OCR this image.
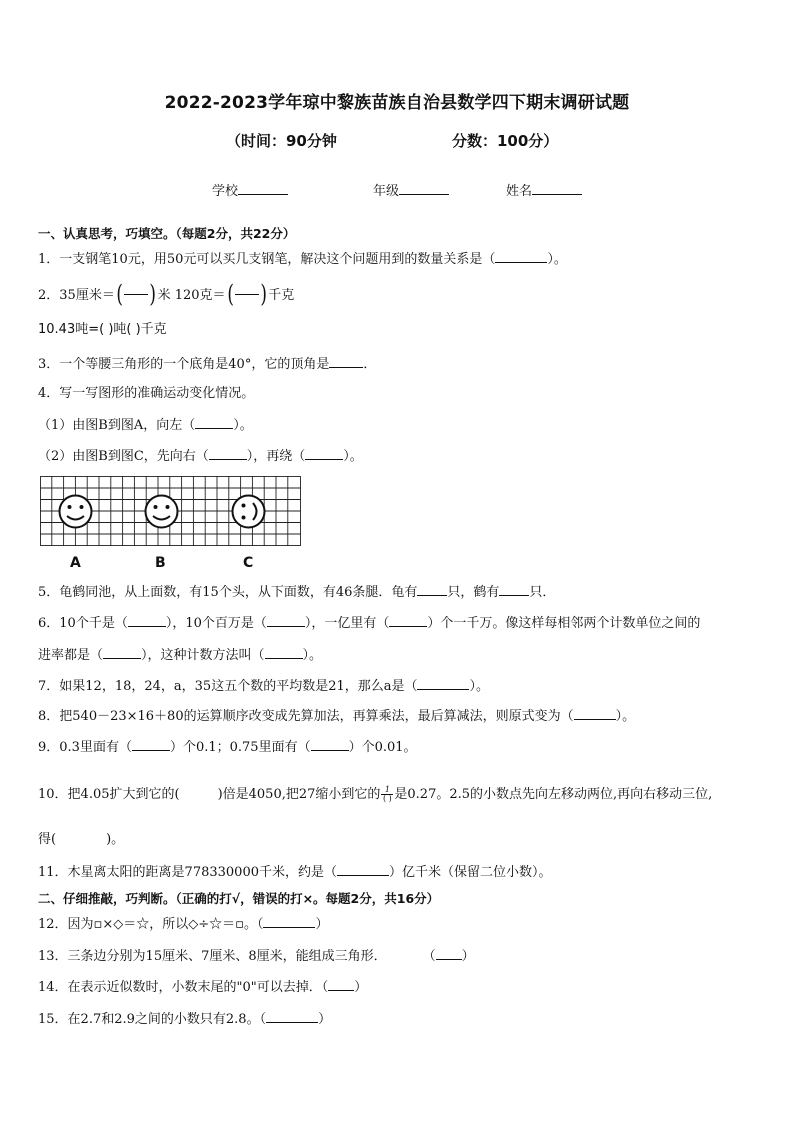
2022-2023学年琼中黎族苗族自治县数学四下期末调研试题
（时间：90分钟	分数：100分）
学校	年级	姓名
一、认真思考，巧填空。（每题2分，共22分）
1．一支钢笔10元，用50元可以买几支钢笔，解决这个问题用到的数量关系是（	）。
2．35厘米＝( )米 120克＝( )千克
10.43吨=( )吨( )千克
3．一个等腰三角形的一个底角是40°，它的顶角是	．
4．写一写图形的准确运动变化情况。
（1）由图B到图A，向左（	）。
（2）由图B到图C，先向右（	），再绕（	）。
A	B	C
5．龟鹤同池，从上面数，有15个头，从下面数，有46条腿．龟有 只，鹤有 只．
6．10个千是（	），10个百万是（	），一亿里有（	）个一千万。像这样每相邻两个计数单位之间的
进率都是（	），这种计数方法叫（	）。
7．如果12，18，24，a，35这五个数的平均数是21，那么a是（	）。
8．把540－23×16＋80的运算顺序改变成先算加法，再算乘法，最后算减法，则原式变为（	）。
9．0.3里面有（	）个0.1；0.75里面有（	）个0.01。
10．把4.05扩大到它的(	)倍是4050,把27缩小到它的 1
( ) 是0.27。2.5的小数点先向左移动两位,再向右移动三位,
得(	)。
11．木星离太阳的距离是778330000千米，约是（	）亿千米（保留二位小数）。
二、仔细推敲，巧判断。（正确的打√，错误的打×。每题2分，共16分）
12．因为▫×◇＝☆，所以◇÷☆＝▫。（	）
13．三条边分别为15厘米、7厘米、8厘米，能组成三角形．	（ ）
14．在表示近似数时，小数末尾的"0"可以去掉．（ ）
15．在2.7和2.9之间的小数只有2.8。（	）
